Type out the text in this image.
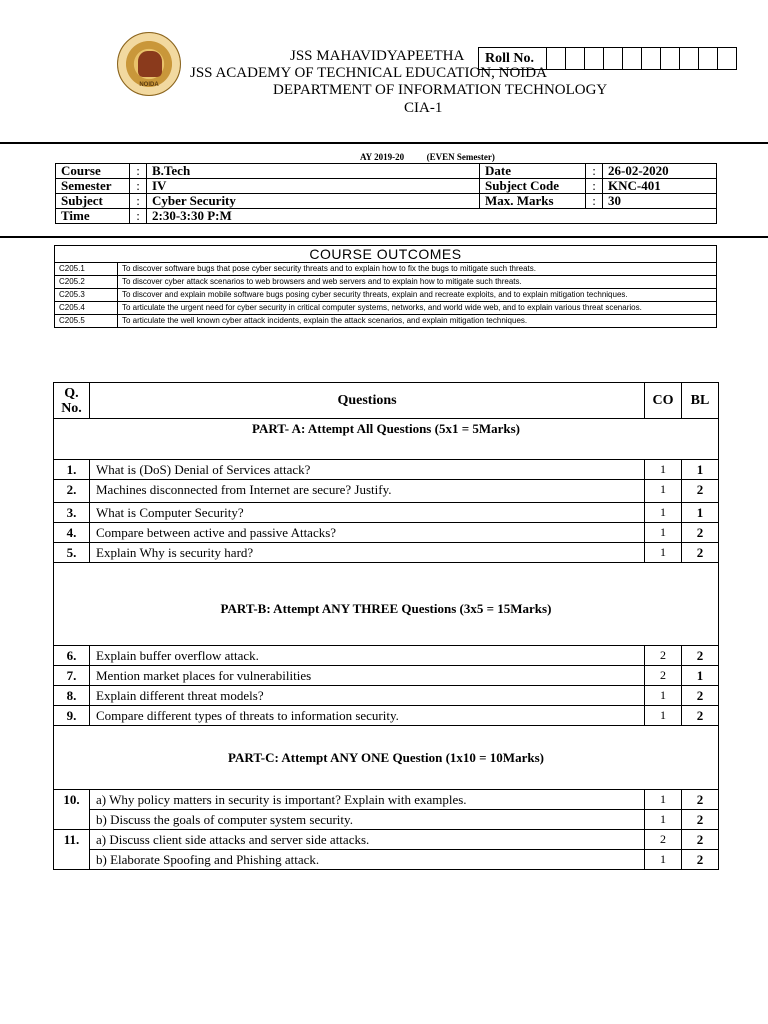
NOIDA
JSS MAHAVIDYAPEETHA	Roll No.
JSS ACADEMY OF TECHNICAL EDUCATION, NOIDA
DEPARTMENT OF INFORMATION TECHNOLOGY
CIA-1
AY 2019-20	(EVEN Semester)
Course	:	B.Tech	Date	:	26-02-2020
Semester	:	IV	Subject Code	:	KNC-401
Subject	:	Cyber Security	Max. Marks	:	30
Time	:	2:30-3:30 P:M			
COURSE OUTCOMES	
C205.1	To discover software bugs that pose cyber security threats and to explain how to fix the bugs to mitigate such threats.
C205.2	To discover cyber attack scenarios to web browsers and web servers and to explain how to mitigate such threats.
C205.3	To discover and explain mobile software bugs posing cyber security threats, explain and recreate exploits, and to explain mitigation techniques.
C205.4	To articulate the urgent need for cyber security in critical computer systems, networks, and world wide web, and to explain various threat scenarios.
C205.5	To articulate the well known cyber attack incidents, explain the attack scenarios, and explain mitigation techniques.
Q. No.	Questions	CO	BL
PART- A: Attempt All Questions (5x1 = 5Marks)			
1.	What is (DoS) Denial of Services attack?	1	1
2.	Machines disconnected from Internet are secure? Justify.	1	2
3.	What is Computer Security?	1	1
4.	Compare between active and passive Attacks?	1	2
5.	Explain Why is security hard?	1	2
PART-B: Attempt ANY THREE Questions (3x5 = 15Marks)			
6.	Explain buffer overflow attack.	2	2
7.	Mention market places for vulnerabilities	2	1
8.	Explain different threat models?	1	2
9.	Compare different types of threats to information security.	1	2
PART-C: Attempt ANY ONE Question (1x10 = 10Marks)			
10.	a) Why policy matters in security is important? Explain with examples.	1	2
	b) Discuss the goals of computer system security.	1	2
11.	a) Discuss client side attacks and server side attacks.	2	2
	b) Elaborate Spoofing and Phishing attack.	1	2
